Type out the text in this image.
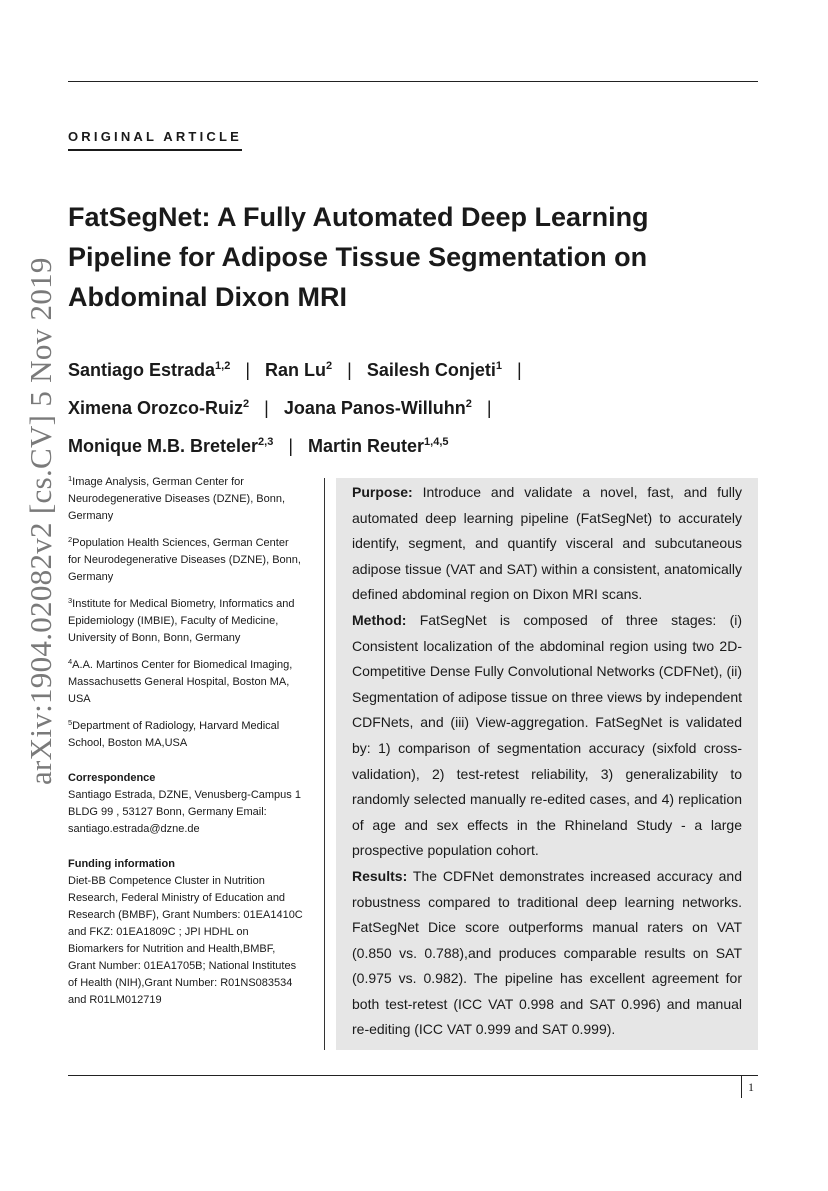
arXiv:1904.02082v2 [cs.CV] 5 Nov 2019
ORIGINAL ARTICLE
FatSegNet: A Fully Automated Deep Learning Pipeline for Adipose Tissue Segmentation on Abdominal Dixon MRI
Santiago Estrada$^{1,2}$ | Ran Lu$^2$ | Sailesh Conjeti$^1$ |
Ximena Orozco-Ruiz$^2$ | Joana Panos-Willuhn$^2$ |
Monique M.B. Breteler$^{2,3}$ | Martin Reuter$^{1,4,5}$
$^1$Image Analysis, German Center for Neurodegenerative Diseases (DZNE), Bonn, Germany
$^2$Population Health Sciences, German Center for Neurodegenerative Diseases (DZNE), Bonn, Germany
$^3$Institute for Medical Biometry, Informatics and Epidemiology (IMBIE), Faculty of Medicine, University of Bonn, Bonn, Germany
$^4$A.A. Martinos Center for Biomedical Imaging, Massachusetts General Hospital, Boston MA, USA
$^5$Department of Radiology, Harvard Medical School, Boston MA,USA
Correspondence
Santiago Estrada, DZNE, Venusberg-Campus 1 BLDG 99 , 53127 Bonn, Germany Email: santiago.estrada@dzne.de
Funding information
Diet-BB Competence Cluster in Nutrition Research, Federal Ministry of Education and Research (BMBF), Grant Numbers: 01EA1410C and FKZ: 01EA1809C ; JPI HDHL on Biomarkers for Nutrition and Health,BMBF, Grant Number: 01EA1705B; National Institutes of Health (NIH),Grant Number: R01NS083534 and R01LM012719

Purpose: Introduce and validate a novel, fast, and fully automated deep learning pipeline (FatSegNet) to accurately identify, segment, and quantify visceral and subcutaneous adipose tissue (VAT and SAT) within a consistent, anatomically defined abdominal region on Dixon MRI scans.

Method: FatSegNet is composed of three stages: (i) Consistent localization of the abdominal region using two 2D-Competitive Dense Fully Convolutional Networks (CDFNet), (ii) Segmentation of adipose tissue on three views by independent CDFNets, and (iii) View-aggregation. FatSegNet is validated by: 1) comparison of segmentation accuracy (sixfold cross-validation), 2) test-retest reliability, 3) generalizability to randomly selected manually re-edited cases, and 4) replication of age and sex effects in the Rhineland Study - a large prospective population cohort.

Results: The CDFNet demonstrates increased accuracy and robustness compared to traditional deep learning networks. FatSegNet Dice score outperforms manual raters on VAT (0.850 vs. 0.788),and produces comparable results on SAT (0.975 vs. 0.982). The pipeline has excellent agreement for both test-retest (ICC VAT 0.998 and SAT 0.996) and manual re-editing (ICC VAT 0.999 and SAT 0.999).

1
